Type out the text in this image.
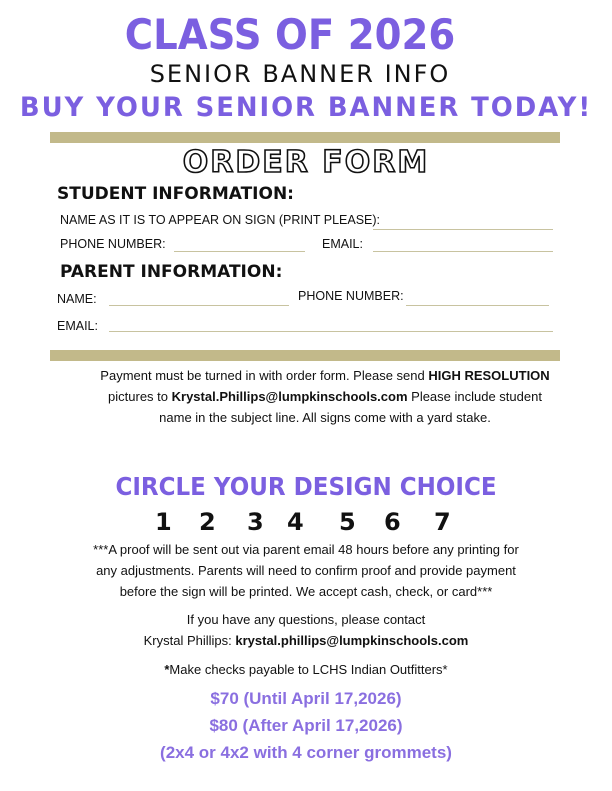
CLASS OF 2026
SENIOR BANNER INFO
BUY YOUR SENIOR BANNER TODAY!
ORDER FORM
STUDENT INFORMATION:
NAME AS IT IS TO APPEAR ON SIGN (PRINT PLEASE):
PHONE NUMBER:	EMAIL:
PARENT INFORMATION:
NAME:	PHONE NUMBER:
EMAIL:
Payment must be turned in with order form. Please send HIGH RESOLUTION
pictures to Krystal.Phillips@lumpkinschools.com Please include student
name in the subject line. All signs come with a yard stake.
CIRCLE YOUR DESIGN CHOICE
1 2 3 4 5 6 7
***A proof will be sent out via parent email 48 hours before any printing for
any adjustments. Parents will need to confirm proof and provide payment
before the sign will be printed. We accept cash, check, or card***
If you have any questions, please contact
Krystal Phillips: krystal.phillips@lumpkinschools.com
*Make checks payable to LCHS Indian Outfitters*
$70 (Until April 17,2026)
$80 (After April 17,2026)
(2x4 or 4x2 with 4 corner grommets)
